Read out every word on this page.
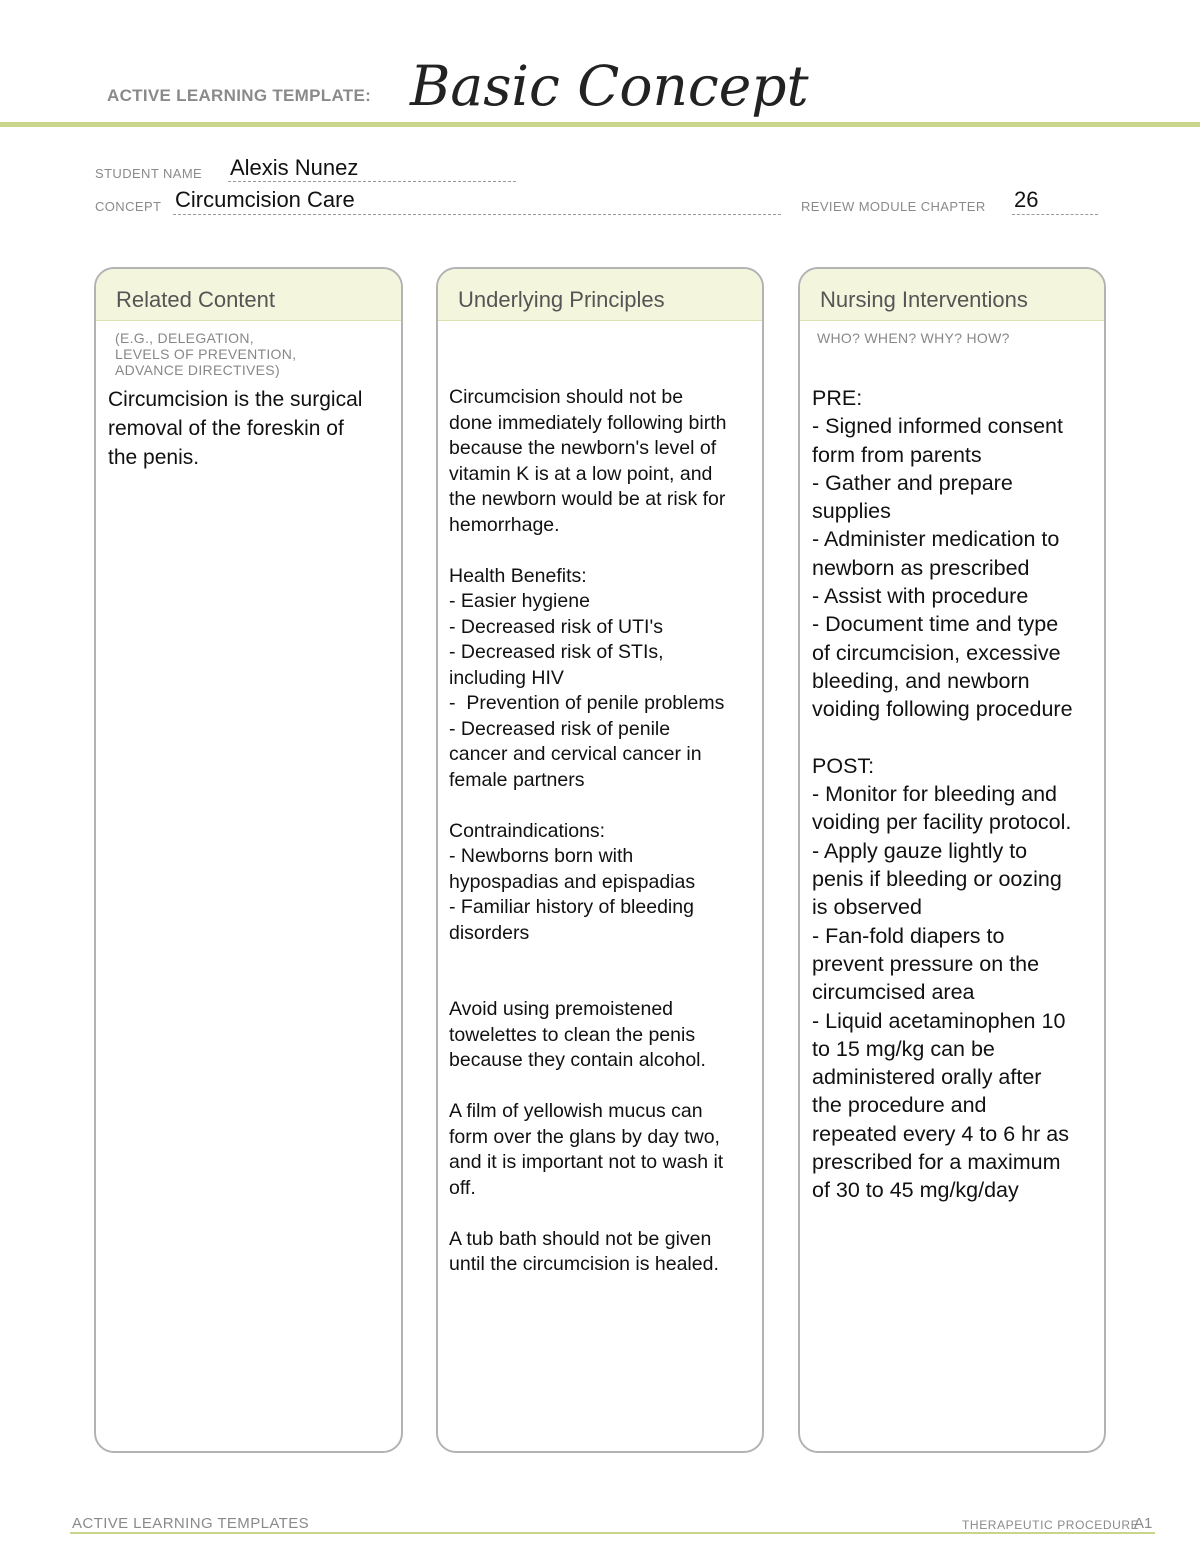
ACTIVE LEARNING TEMPLATE: Basic Concept
STUDENT NAME Alexis Nunez
CONCEPT Circumcision Care	REVIEW MODULE CHAPTER 26
Related Content
(E.G., DELEGATION,
LEVELS OF PREVENTION,
ADVANCE DIRECTIVES)
Circumcision is the surgical
removal of the foreskin of
the penis.
Underlying Principles
Circumcision should not be
done immediately following birth
because the newborn's level of
vitamin K is at a low point, and
the newborn would be at risk for
hemorrhage.

Health Benefits:
- Easier hygiene
- Decreased risk of UTI's
- Decreased risk of STIs,
including HIV
-  Prevention of penile problems
- Decreased risk of penile
cancer and cervical cancer in
female partners

Contraindications:
- Newborns born with
hypospadias and epispadias
- Familiar history of bleeding
disorders

Avoid using premoistened
towelettes to clean the penis
because they contain alcohol.

A film of yellowish mucus can
form over the glans by day two,
and it is important not to wash it
off.

A tub bath should not be given
until the circumcision is healed.
Nursing Interventions
WHO? WHEN? WHY? HOW?
PRE:
- Signed informed consent
form from parents
- Gather and prepare
supplies
- Administer medication to
newborn as prescribed
- Assist with procedure
- Document time and type
of circumcision, excessive
bleeding, and newborn
voiding following procedure

POST:
- Monitor for bleeding and
voiding per facility protocol.
- Apply gauze lightly to
penis if bleeding or oozing
is observed
- Fan-fold diapers to
prevent pressure on the
circumcised area
- Liquid acetaminophen 10
to 15 mg/kg can be
administered orally after
the procedure and
repeated every 4 to 6 hr as
prescribed for a maximum
of 30 to 45 mg/kg/day
ACTIVE LEARNING TEMPLATES	THERAPEUTIC PROCEDURE
A1
